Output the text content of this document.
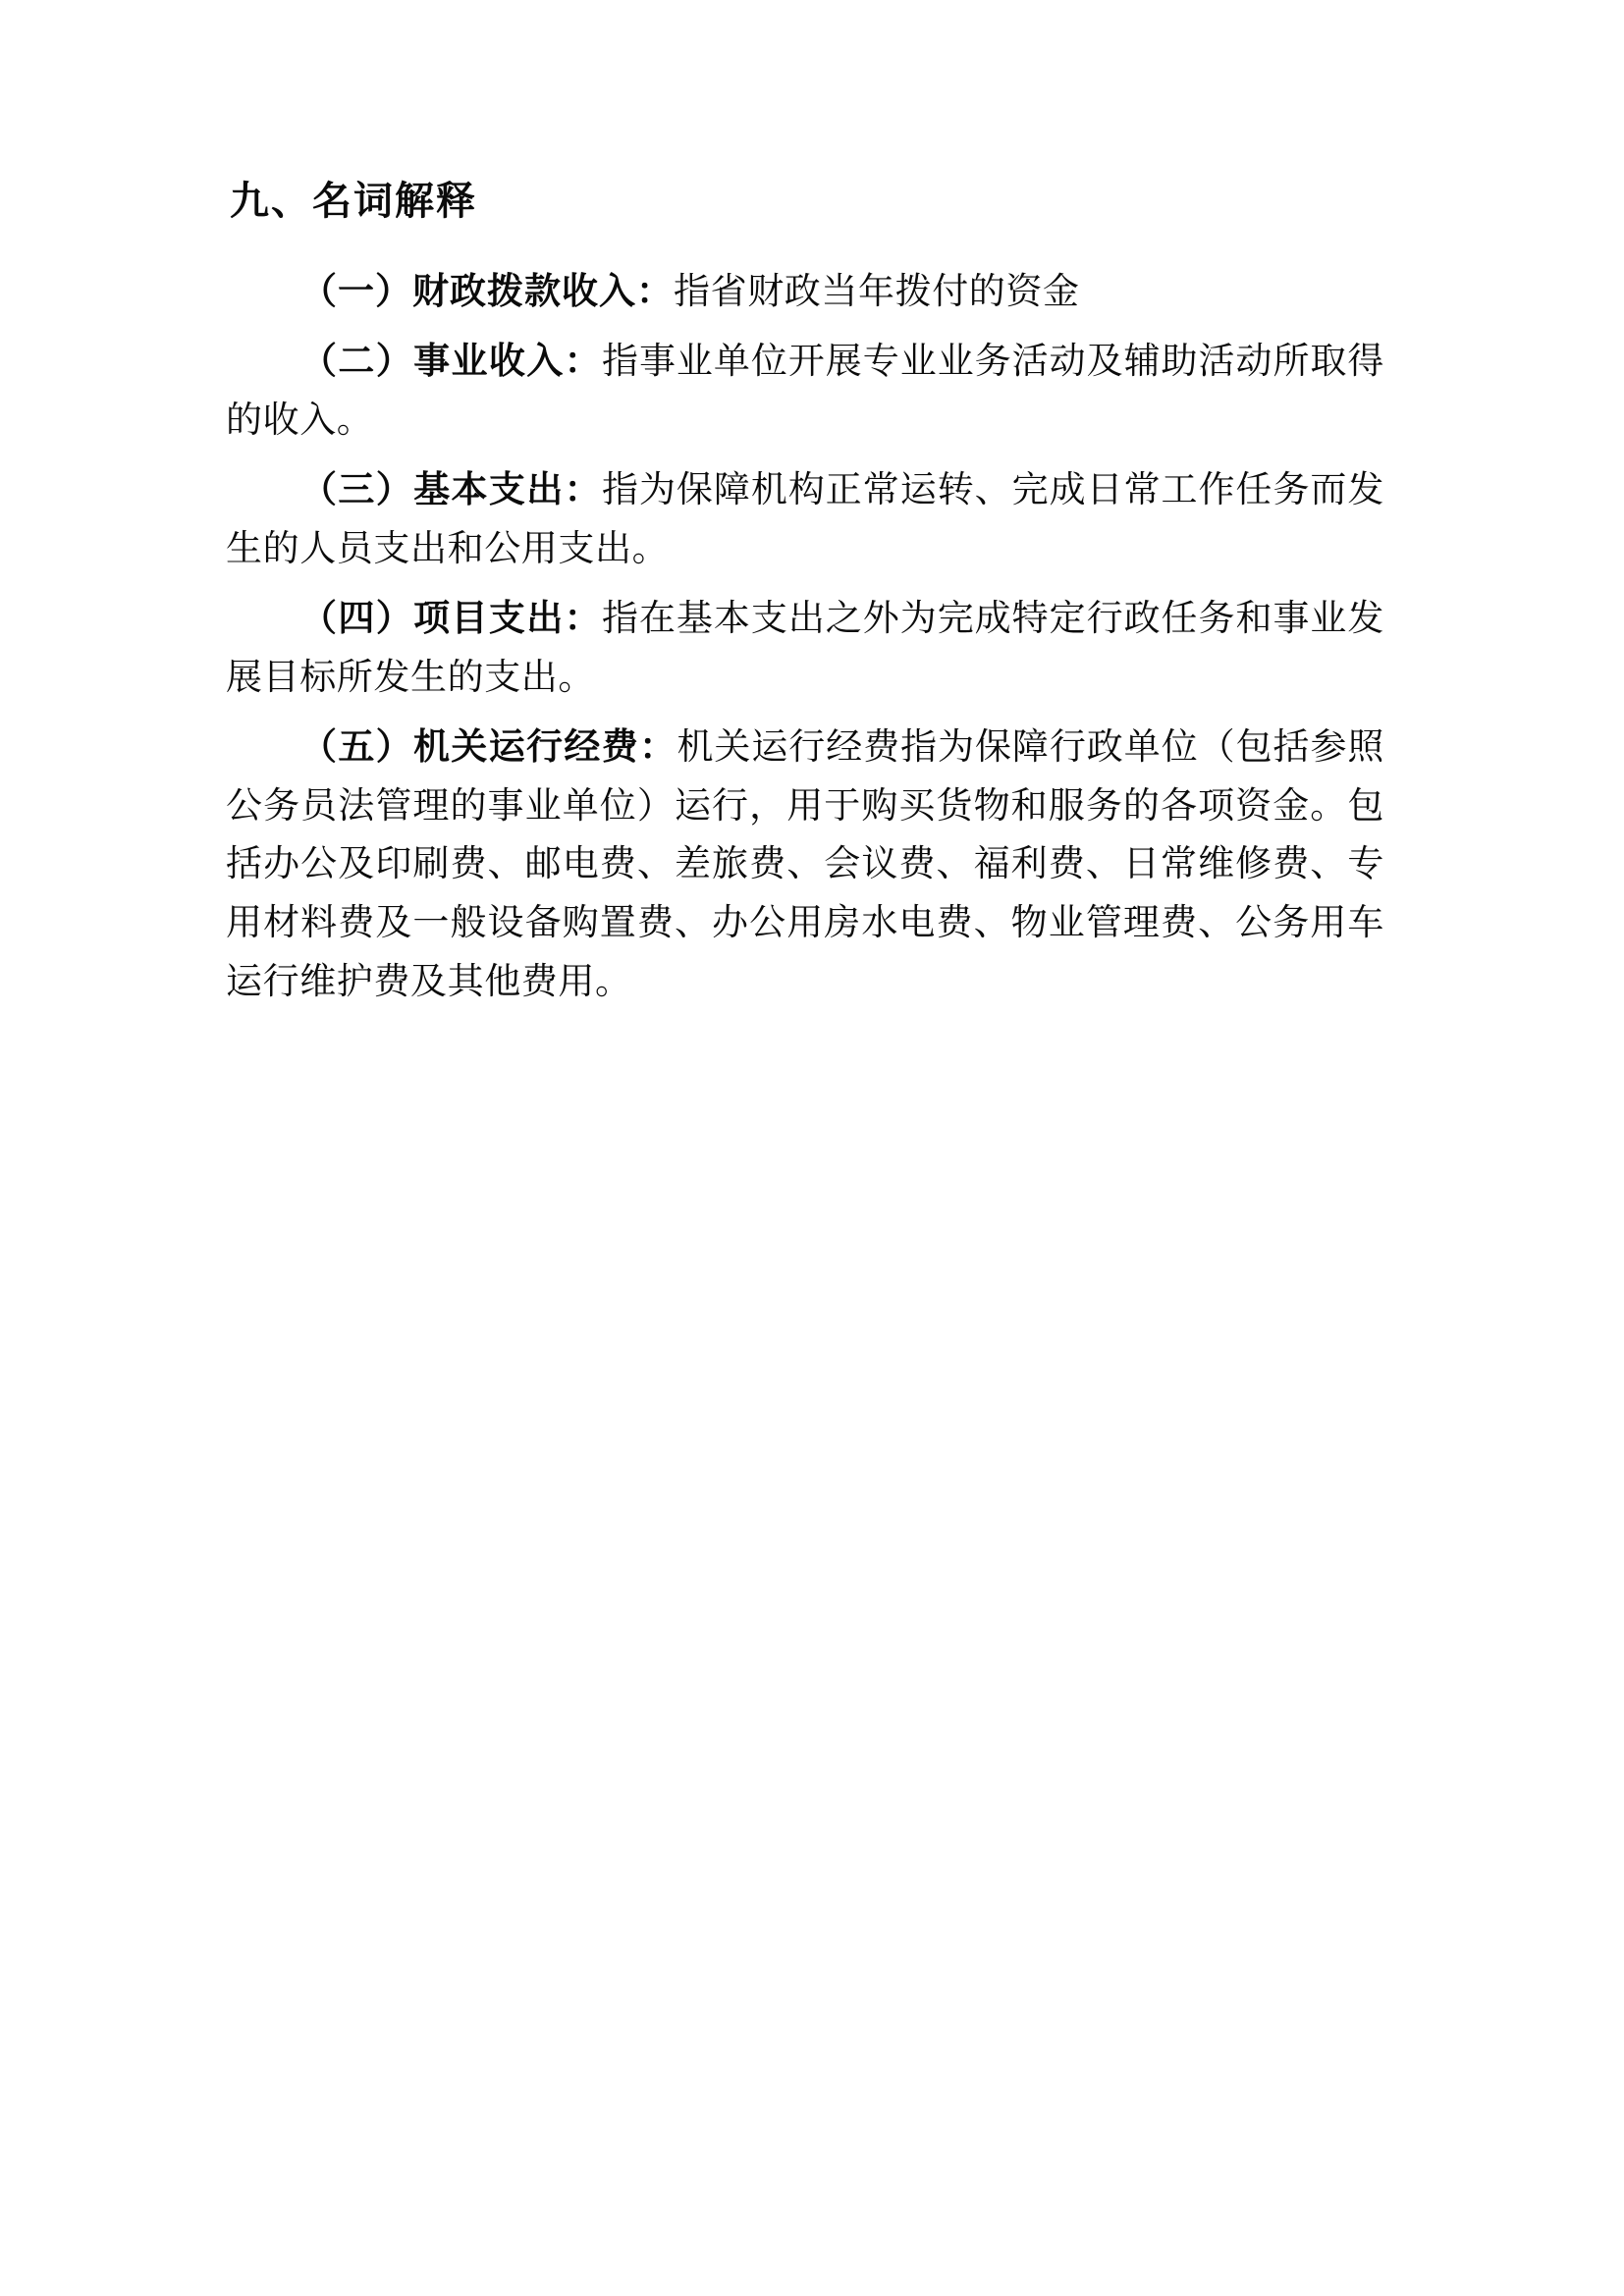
九、名词解释

（一）财政拨款收入：指省财政当年拨付的资金

（二）事业收入：指事业单位开展专业业务活动及辅助活动所取得的收入。

（三）基本支出：指为保障机构正常运转、完成日常工作任务而发生的人员支出和公用支出。

（四）项目支出：指在基本支出之外为完成特定行政任务和事业发展目标所发生的支出。

（五）机关运行经费：机关运行经费指为保障行政单位（包括参照公务员法管理的事业单位）运行，用于购买货物和服务的各项资金。包括办公及印刷费、邮电费、差旅费、会议费、福利费、日常维修费、专用材料费及一般设备购置费、办公用房水电费、物业管理费、公务用车运行维护费及其他费用。
